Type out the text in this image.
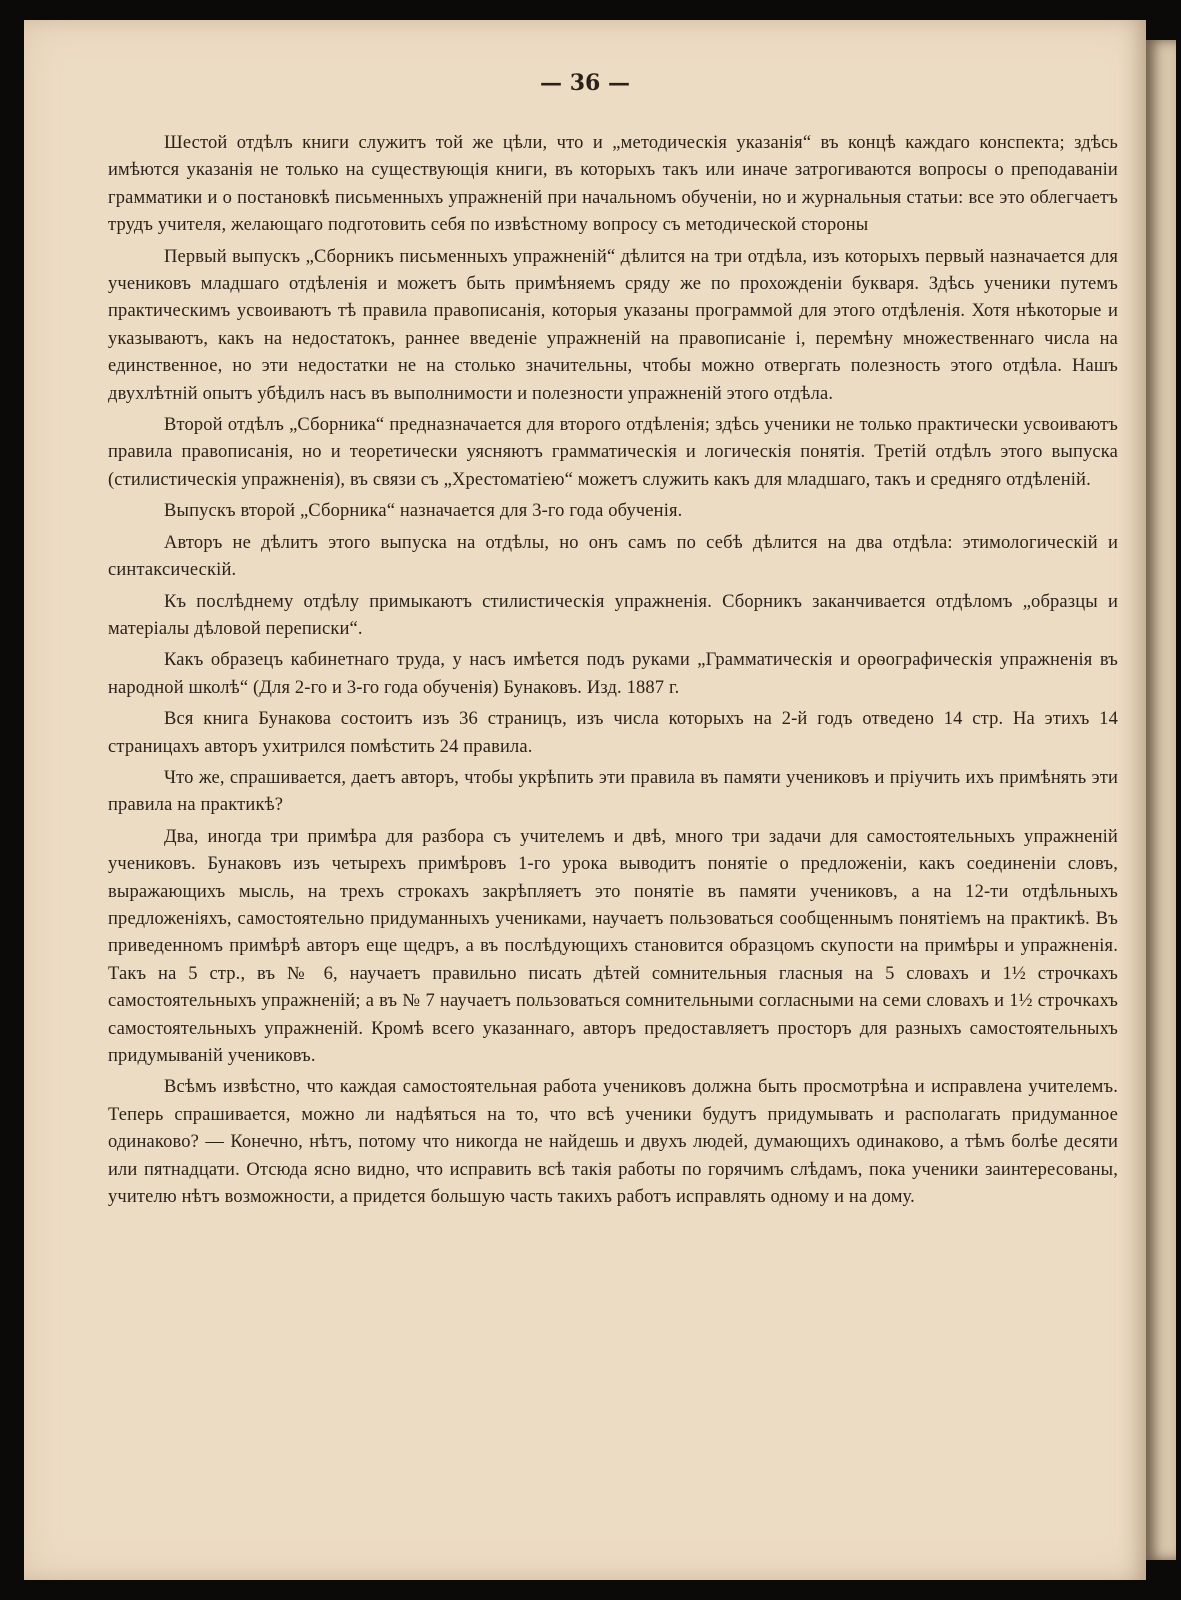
— 36 —

Шестой отдѣлъ книги служитъ той же цѣли, что и „методическія указанія“ въ концѣ каждаго конспекта; здѣсь имѣются указанія не только на существующія книги, въ которыхъ такъ или иначе затрогиваются вопросы о преподаваніи грамматики и о постановкѣ письменныхъ упражненій при начальномъ обученіи, но и журнальныя статьи: все это облегчаетъ трудъ учителя, желающаго подготовить себя по извѣстному вопросу съ методической стороны

Первый выпускъ „Сборникъ письменныхъ упражненій“ дѣлится на три отдѣла, изъ которыхъ первый назначается для учениковъ младшаго отдѣленія и можетъ быть примѣняемъ сряду же по прохожденіи букваря. Здѣсь ученики путемъ практическимъ усвоиваютъ тѣ правила правописанія, которыя указаны программой для этого отдѣленія. Хотя нѣкоторые и указываютъ, какъ на недостатокъ, раннее введеніе упражненій на правописаніе і, перемѣну множественнаго числа на единственное, но эти недостатки не на столько значительны, чтобы можно отвергать полезность этого отдѣла. Нашъ двухлѣтній опытъ убѣдилъ насъ въ выполнимости и полезности упражненій этого отдѣла.

Второй отдѣлъ „Сборника“ предназначается для второго отдѣленія; здѣсь ученики не только практически усвоиваютъ правила правописанія, но и теоретически уясняютъ грамматическія и логическія понятія. Третій отдѣлъ этого выпуска (стилистическія упражненія), въ связи съ „Хрестоматіею“ можетъ служить какъ для младшаго, такъ и средняго отдѣленій.

Выпускъ второй „Сборника“ назначается для 3-го года обученія.

Авторъ не дѣлитъ этого выпуска на отдѣлы, но онъ самъ по себѣ дѣлится на два отдѣла: этимологическій и синтаксическій.

Къ послѣднему отдѣлу примыкаютъ стилистическія упражненія. Сборникъ заканчивается отдѣломъ „образцы и матеріалы дѣловой переписки“.

Какъ образецъ кабинетнаго труда, у насъ имѣется подъ руками „Грамматическія и орѳографическія упражненія въ народной школѣ“ (Для 2-го и 3-го года обученія) Бунаковъ. Изд. 1887 г.

Вся книга Бунакова состоитъ изъ 36 страницъ, изъ числа которыхъ на 2-й годъ отведено 14 стр. На этихъ 14 страницахъ авторъ ухитрился помѣстить 24 правила.

Что же, спрашивается, даетъ авторъ, чтобы укрѣпить эти правила въ памяти учениковъ и пріучить ихъ примѣнять эти правила на практикѣ?

Два, иногда три примѣра для разбора съ учителемъ и двѣ, много три задачи для самостоятельныхъ упражненій учениковъ. Бунаковъ изъ четырехъ примѣровъ 1-го урока выводитъ понятіе о предложеніи, какъ соединеніи словъ, выражающихъ мысль, на трехъ строкахъ закрѣпляетъ это понятіе въ памяти учениковъ, а на 12-ти отдѣльныхъ предложеніяхъ, самостоятельно придуманныхъ учениками, научаетъ пользоваться сообщеннымъ понятіемъ на практикѣ. Въ приведенномъ примѣрѣ авторъ еще щедръ, а въ послѣдующихъ становится образцомъ скупости на примѣры и упражненія. Такъ на 5 стр., въ № 6, научаетъ правильно писать дѣтей сомнительныя гласныя на 5 словахъ и 1½ строчкахъ самостоятельныхъ упражненій; а въ № 7 научаетъ пользоваться сомнительными согласными на семи словахъ и 1½ строчкахъ самостоятельныхъ упражненій. Кромѣ всего указаннаго, авторъ предоставляетъ просторъ для разныхъ самостоятельныхъ придумываній учениковъ.

Всѣмъ извѣстно, что каждая самостоятельная работа учениковъ должна быть просмотрѣна и исправлена учителемъ. Теперь спрашивается, можно ли надѣяться на то, что всѣ ученики будутъ придумывать и располагать придуманное одинаково? — Конечно, нѣтъ, потому что никогда не найдешь и двухъ людей, думающихъ одинаково, а тѣмъ болѣе десяти или пятнадцати. Отсюда ясно видно, что исправить всѣ такія работы по горячимъ слѣдамъ, пока ученики заинтересованы, учителю нѣтъ возможности, а придется большую часть такихъ работъ исправлять одному и на дому.
